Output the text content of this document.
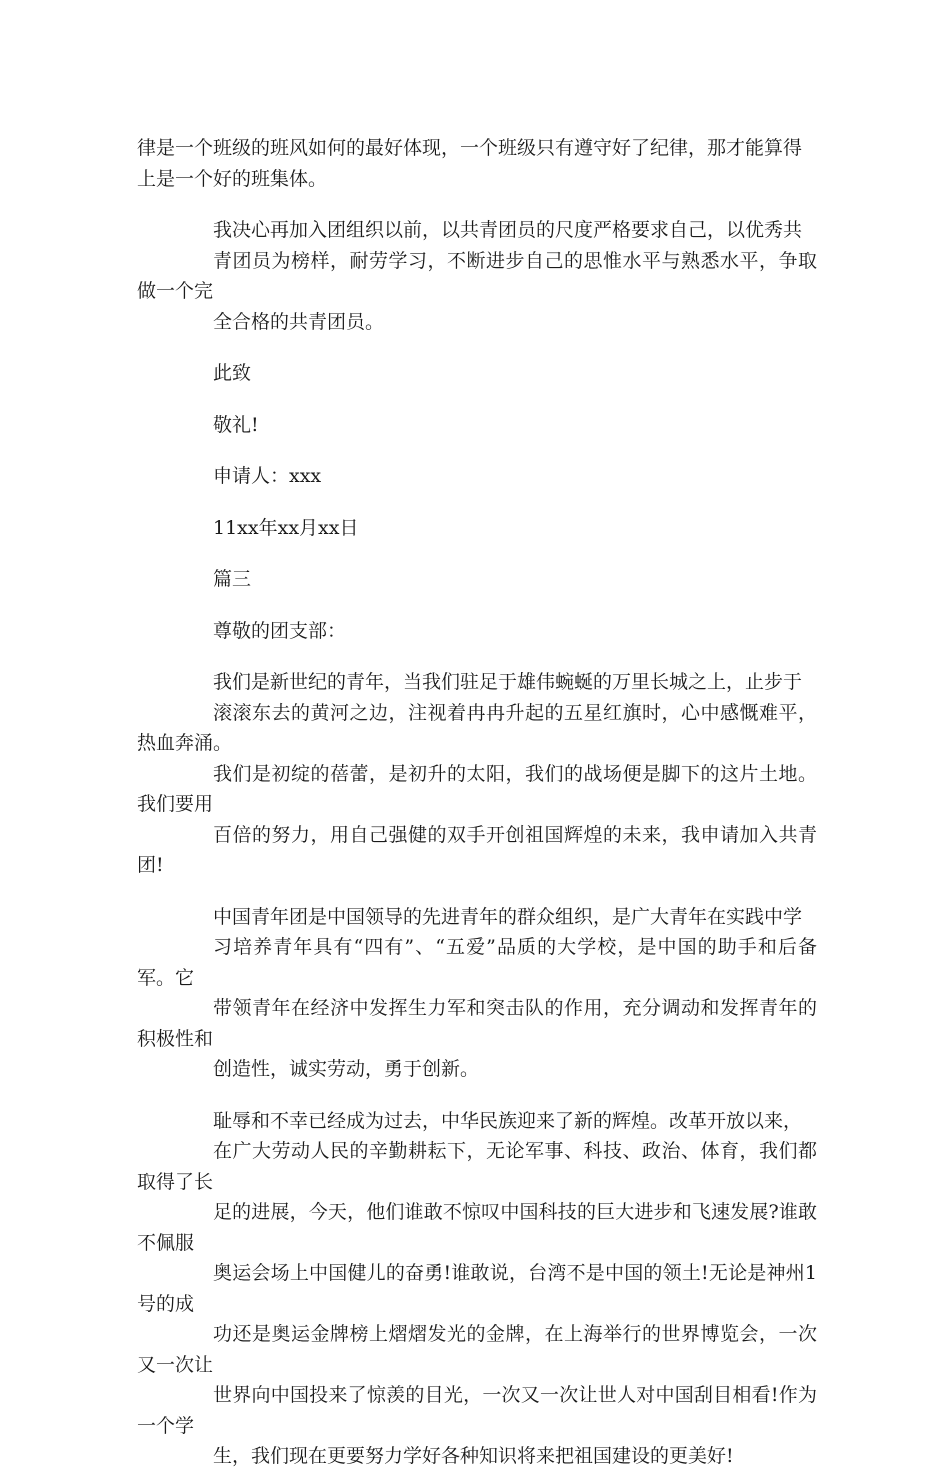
律是一个班级的班风如何的最好体现，一个班级只有遵守好了纪律，那才能算得
上是一个好的班集体。

我决心再加入团组织以前，以共青团员的尺度严格要求自己，以优秀共
青团员为榜样，耐劳学习，不断进步自己的思惟水平与熟悉水平，争取做一个完
全合格的共青团员。

此致

敬礼!

申请人：xxx

11xx年xx月xx日

篇三

尊敬的团支部：

我们是新世纪的青年，当我们驻足于雄伟蜿蜒的万里长城之上，止步于
滚滚东去的黄河之边，注视着冉冉升起的五星红旗时，心中感慨难平，热血奔涌。
我们是初绽的蓓蕾，是初升的太阳，我们的战场便是脚下的这片土地。我们要用
百倍的努力，用自己强健的双手开创祖国辉煌的未来，我申请加入共青团!

中国青年团是中国领导的先进青年的群众组织，是广大青年在实践中学
习培养青年具有“四有”、“五爱”品质的大学校，是中国的助手和后备军。它
带领青年在经济中发挥生力军和突击队的作用，充分调动和发挥青年的积极性和
创造性，诚实劳动，勇于创新。

耻辱和不幸已经成为过去，中华民族迎来了新的辉煌。改革开放以来，
在广大劳动人民的辛勤耕耘下，无论军事、科技、政治、体育，我们都取得了长
足的进展，今天，他们谁敢不惊叹中国科技的巨大进步和飞速发展?谁敢不佩服
奥运会场上中国健儿的奋勇!谁敢说，台湾不是中国的领土!无论是神州1号的成
功还是奥运金牌榜上熠熠发光的金牌，在上海举行的世界博览会，一次又一次让
世界向中国投来了惊羡的目光，一次又一次让世人对中国刮目相看!作为一个学
生，我们现在更要努力学好各种知识将来把祖国建设的更美好!
